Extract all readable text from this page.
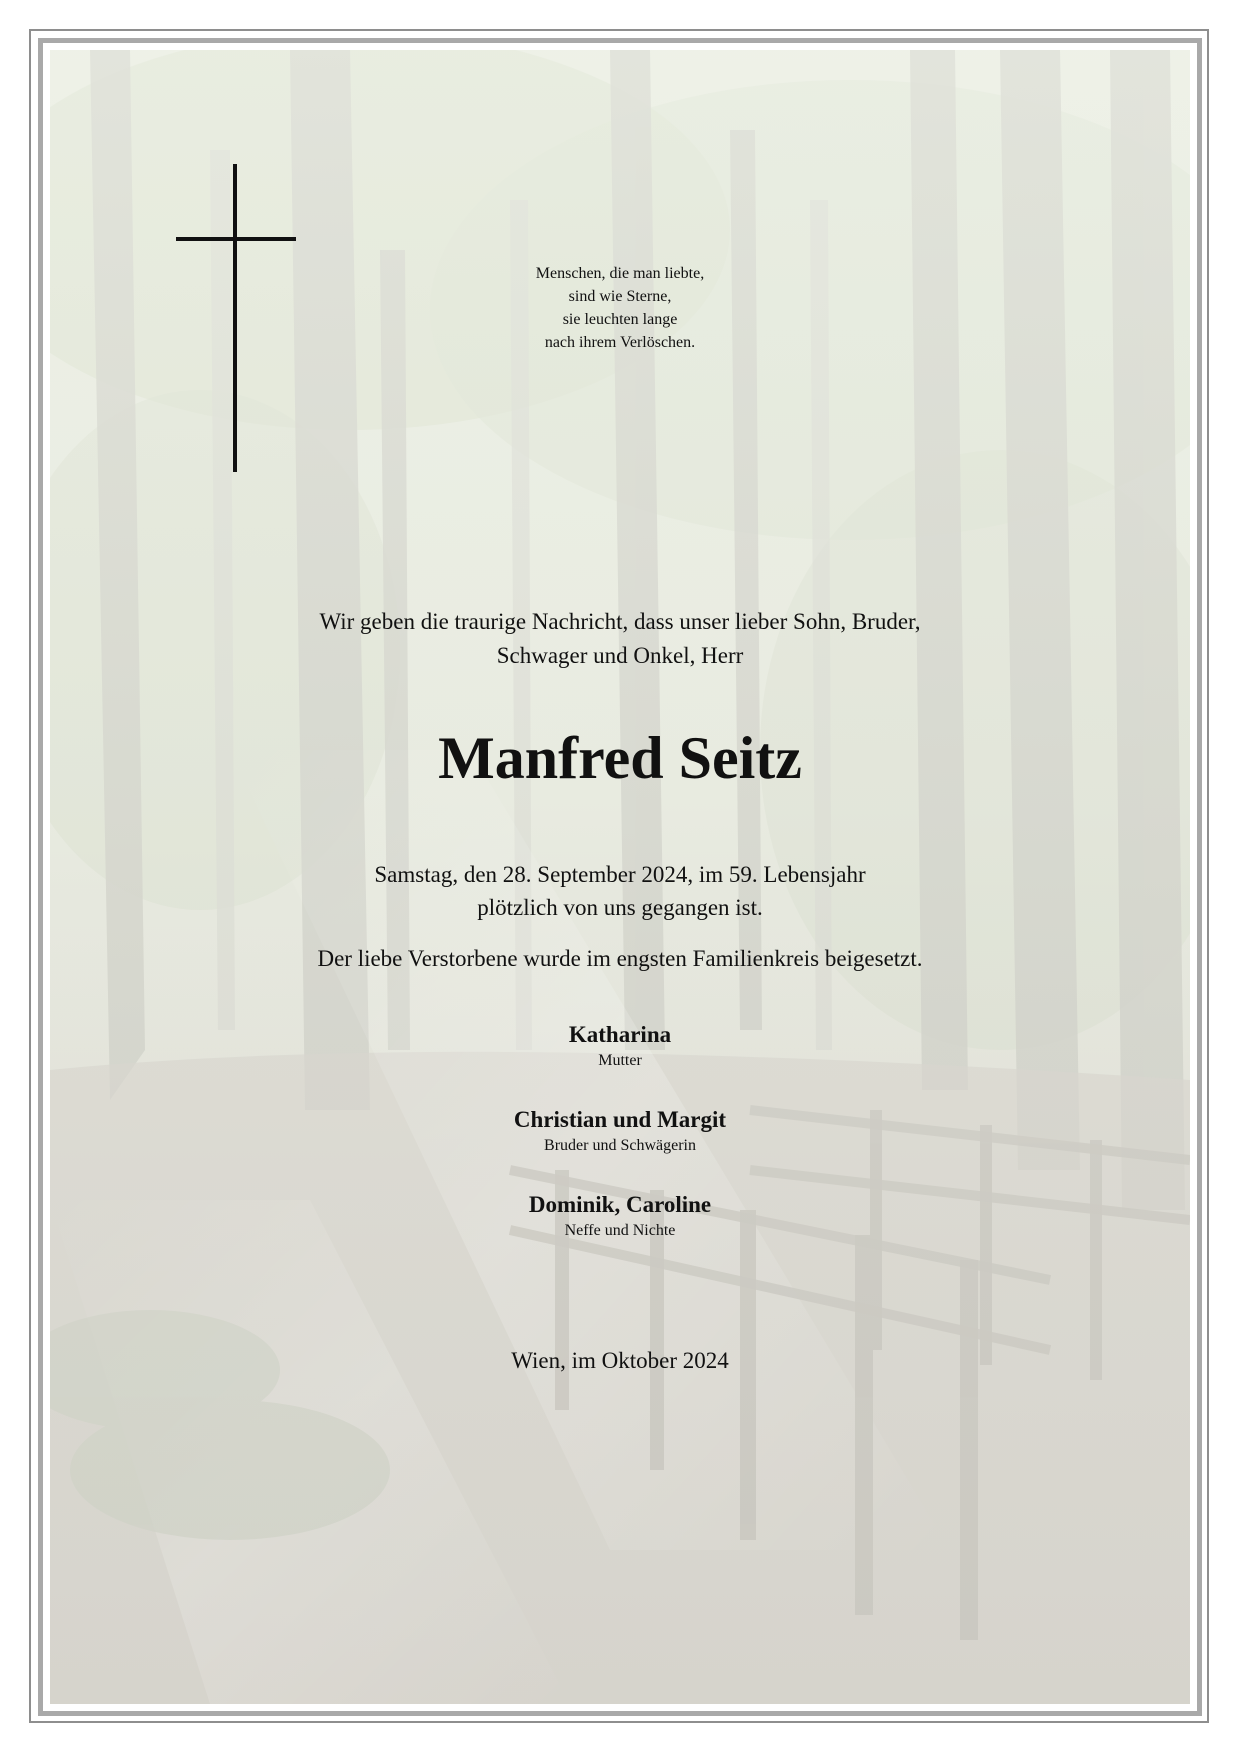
Menschen, die man liebte,
sind wie Sterne,
sie leuchten lange
nach ihrem Verlöschen.
Wir geben die traurige Nachricht, dass unser lieber Sohn, Bruder,
Schwager und Onkel, Herr
Manfred Seitz
Samstag, den 28. September 2024, im 59. Lebensjahr
plötzlich von uns gegangen ist.
Der liebe Verstorbene wurde im engsten Familienkreis beigesetzt.
Katharina
Mutter
Christian und Margit
Bruder und Schwägerin
Dominik, Caroline
Neffe und Nichte
Wien, im Oktober 2024
